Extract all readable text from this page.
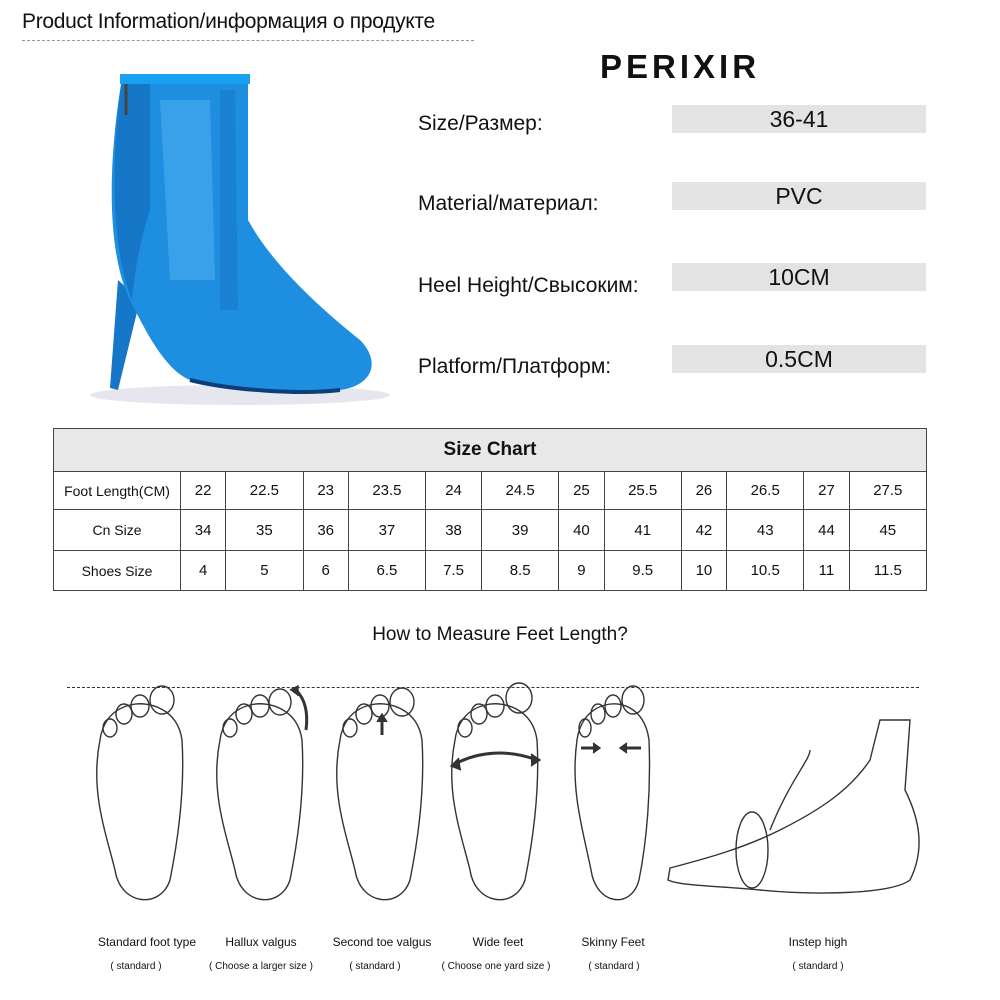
Product Information/информация о продукте
PERIXIR
Size/Размер:	36-41
Material/материал:	PVC
Heel Height/Свысоким:	10CM
Platform/Платформ:	0.5CM
Size Chart												
Foot Length(CM)	22	22.5	23	23.5	24	24.5	25	25.5	26	26.5	27	27.5
Cn Size	34	35	36	37	38	39	40	41	42	43	44	45
Shoes Size	4	5	6	6.5	7.5	8.5	9	9.5	10	10.5	11	11.5
How to Measure Feet Length?
Standard foot type
( standard )
Hallux valgus
( Choose a larger size )
Second toe valgus
( standard )
Wide feet
( Choose one yard size )
Skinny Feet
( standard )
Instep high
( standard )
